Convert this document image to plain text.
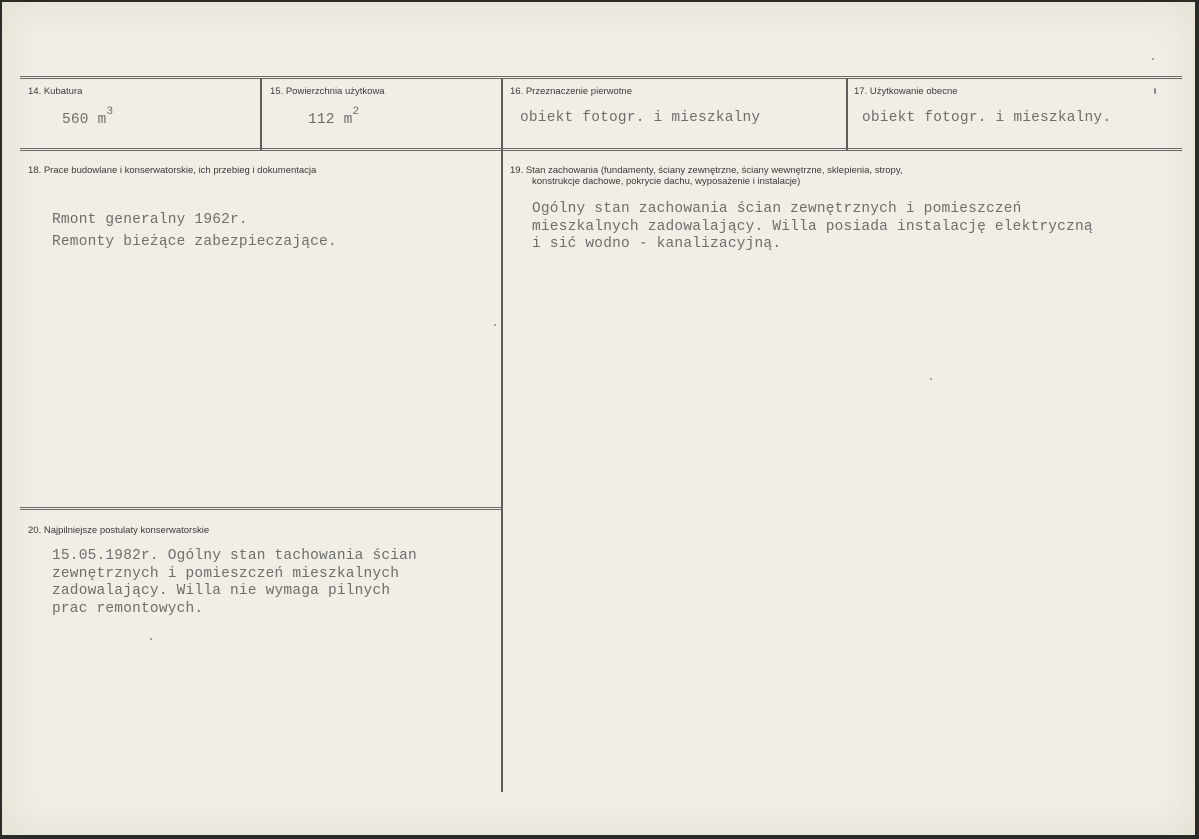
14. Kubatura
560 $m^3$
15. Powierzchnia użytkowa
112 $m^2$
16. Przeznaczenie pierwotne
obiekt fotogr. i mieszkalny
17. Użytkowanie obecne
obiekt fotogr. i mieszkalny.
18. Prace budowlane i konserwatorskie, ich przebieg i dokumentacja
Rmont generalny 1962r.
Remonty bieżące zabezpieczające.
19. Stan zachowania (fundamenty, ściany zewnętrzne, ściany wewnętrzne, sklepienia, stropy,
konstrukcje dachowe, pokrycie dachu, wyposażenie i instalacje)
Ogólny stan zachowania ścian zewnętrznych i pomieszczeń
mieszkalnych zadowalający. Willa posiada instalację elektryczną
i sić wodno - kanalizacyjną.
20. Najpilniejsze postulaty konserwatorskie
15.05.1982r. Ogólny stan tachowania ścian
zewnętrznych i pomieszczeń mieszkalnych
zadowalający. Willa nie wymaga pilnych
prac remontowych.
